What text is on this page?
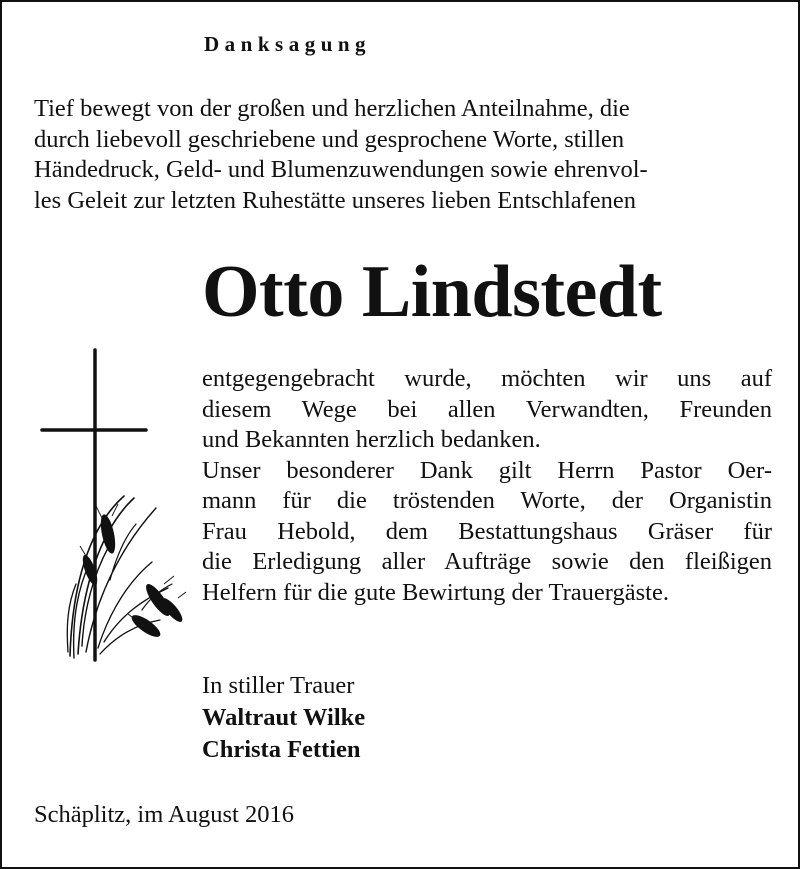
Danksagung
Tief bewegt von der großen und herzlichen Anteilnahme, die
durch liebevoll geschriebene und gesprochene Worte, stillen
Händedruck, Geld- und Blumenzuwendungen sowie ehrenvol-
les Geleit zur letzten Ruhestätte unseres lieben Entschlafenen
Otto Lindstedt
entgegengebracht wurde, möchten wir uns auf
diesem Wege bei allen Verwandten, Freunden
und Bekannten herzlich bedanken.
Unser besonderer Dank gilt Herrn Pastor Oer-
mann für die tröstenden Worte, der Organistin
Frau Hebold, dem Bestattungshaus Gräser für
die Erledigung aller Aufträge sowie den fleißigen
Helfern für die gute Bewirtung der Trauergäste.
In stiller Trauer
Waltraut Wilke
Christa Fettien
Schäplitz, im August 2016
